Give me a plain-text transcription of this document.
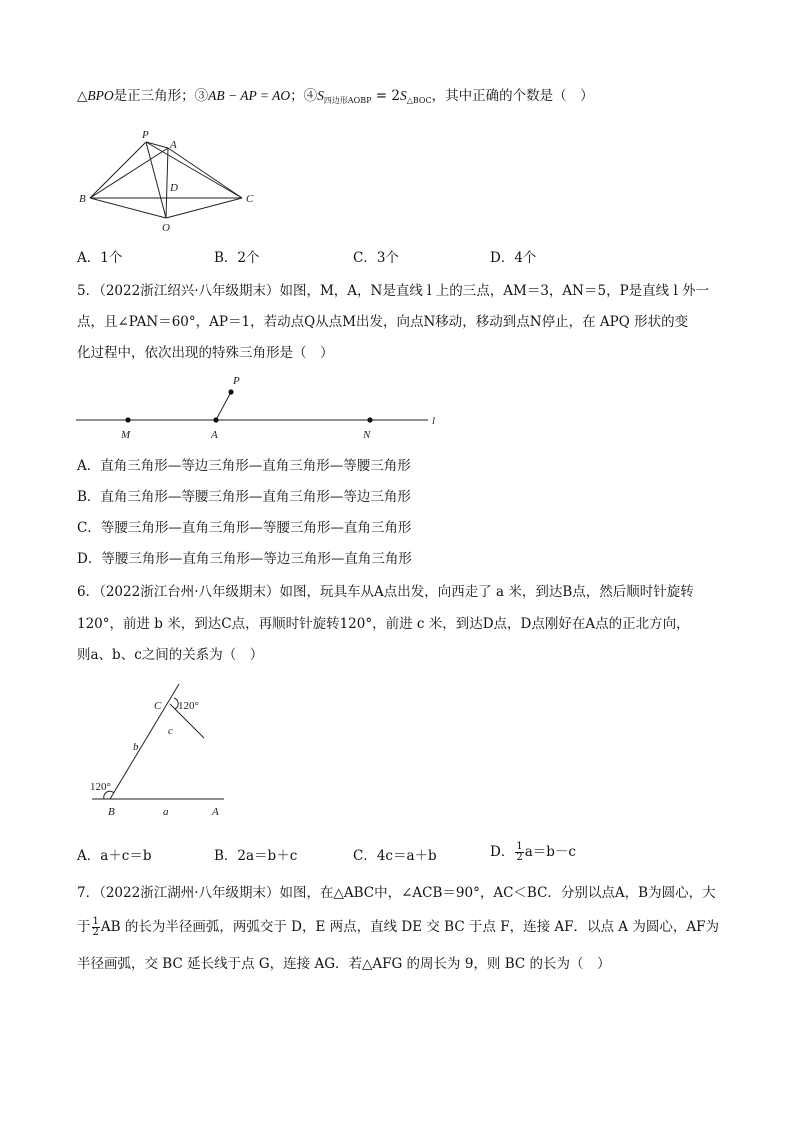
△BPO是正三角形；③AB − AP = AO；$④S_{四边形AOBP} = 2S_{\triangle BOC}$，其中正确的个数是（　）
P
A
D
B	C
O
A．1个	B．2个	C．3个	D．4个
5．（2022浙江绍兴·八年级期末）如图，M，A，N是直线 l 上的三点，AM＝3，AN＝5，P是直线 l 外一
点，且∠PAN＝60°，AP＝1，若动点Q从点M出发，向点N移动，移动到点N停止，在 APQ 形状的变
化过程中，依次出现的特殊三角形是（　）
P
M	A	N
l
A．直角三角形—等边三角形—直角三角形—等腰三角形
B．直角三角形—等腰三角形—直角三角形—等边三角形
C．等腰三角形—直角三角形—等腰三角形—直角三角形
D．等腰三角形—直角三角形—等边三角形—直角三角形
6．（2022浙江台州·八年级期末）如图，玩具车从A点出发，向西走了 a 米，到达B点，然后顺时针旋转
120°，前进 b 米，到达C点，再顺时针旋转120°，前进 c 米，到达D点，D点刚好在A点的正北方向，
则a、b、c之间的关系为（　）
C 120°
c
b
120°
B	a	A
A．a＋c＝b	B．2a＝b＋c	C．4c＝a＋b	D． $\frac{1}{2} a=b-c$
7．（2022浙江湖州·八年级期末）如图，在△ABC中，∠ACB＝90°，AC＜BC．分别以点A，B为圆心，大
于 $\frac{1}{2}$ AB 的长为半径画弧，两弧交于 D，E 两点，直线 DE 交 BC 于点 F，连接 AF．以点 A 为圆心，AF为
半径画弧，交 BC 延长线于点 G，连接 AG．若△AFG 的周长为 9，则 BC 的长为（　）
